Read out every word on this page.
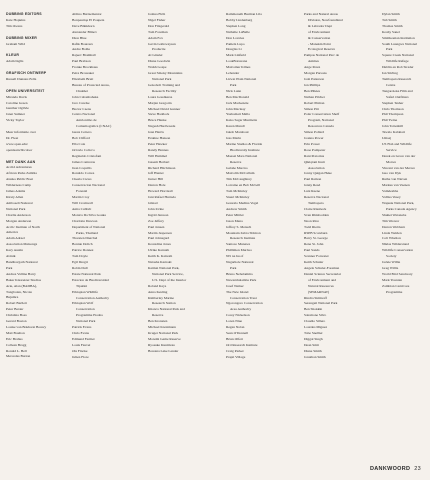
DUBBING EDITORS
Kate Hopkins
Tim Owens
DUBBING MIXER
Graham Wild
KLEUR
Adam Inglis
GRAFISCH ONTWERP
Russell Dunster-Fella
OPEN UNIVERSITEIT
Miranda Davis
Caroline Green
Gunther Ogilvie
Janet Sumner
Vicky Taylor
Meer informatie over
Dr. Fleet
www.open.edu/
openlearn/bbcdoor
MET DANK AAN
Arctid Adventures
African Parks Zambia
Alaska Public Boat
Wilderness Camp
James Adams
Kirsty Allen
Amboseli National
National Park
Charlie Anderson
Morgan Anderson
Arctic Institute of North
America
Adam Adrael
Association Maisonga
Kary Austin
Avinik
Bandhavgarh National
Park
Andrea Vallina Barry
Baker Kisaretzer Studios
Arie, Alan (BADBA),
Tongbolen, Nicole
Bujumra
Robert Bartlett
Peter Baxter
Christina Boes
Gerard Boston
Louise van Bokhorst Bouwy
Matt Boulton
Eric Brabus
Colleen Bragg
Ronald L. Bell
Mercedes Burton
Ablino Burtsemantor
Bonpeutiqe El Poupeta
Dave Blinkhorn
Alexander Blinov
Dion Blue
Rafik Bouroux
Andre Botha
Rajeev Bramhall
Paul Brabson
Fronke Brockhaus
Petra Brossaker
Elizabeth Brutt
Bureau of Protected Areas,
Chukhet
John Cabanbahaka
Jaco Carelse
Hector Caens
Centro Nacional
Antrionimo de
Comemogralica (CNAC)
Gusta Cetrero
Bob Clifford
Ella Cole
Octavio Colicco
Reginaldo Cristofani
James Contreras
Juan Coquillo
Ronaldo Correa
Cheela Crews
Conservacion Nacional
Forestal
Martin Croy
Will Cromwell
Anita Cubbrit
Monica Da Silva Gouka
Charlotte Dawson
Department of National
Parks, Thailand
Thorsten Dierchel
Bonnie Dolich
Patrice Donnez
Tom Doyle
Egil Dregri
Robin Dull
Estate National Park
Estacion de Biodiversidad
Tiputini
Ethiopian Wildlife
Conservation Authority
Ethiopian Wolf
Conservation
Programme Etosha
National Park
Patrick Evans
Chris Evans
Edmund Farmer
Louis Fauvet
Ola Fincke
Julien Fiore
Joshua Firth
Nigel Fisher
Don Fitzgerald
Tom Foreman
Adam Fox
Gavin Gallowaysan
Productie
Al Ginsler
Diane Goodwin
Walsh Gospe
Great Smoky Mountains
National Park
Gokoboli Training and
Research Facility
Laura Goudkeras
Marjan Gregorin
Michael David Gunner
Steve Haddock
Bruce Hanke
Nagesh Hardwaade
Jean Harris
Erskine Hanson
Peter Hawker
Randy Hennes
Will Hammel
Jassem Herbert
Richard Hitchinson
Jeff Hunter
Jurner Hill
Darren Hole
Howard Horrisall
Jani Rafael Hurtado
Glinad
John Irvine
Ingrid Jansson
Zoe Jeffery
Paul Jensen
Martin Jespersen
Paul Johnsgard
Kostadina Jones
Ulrike Karnath
Keith K. Kainoth
Natasha Karnaki
Katmai National Park,
National Park Service,
U.S. Dept of the Interior
Roland Kays
Anna Kesling
Kimberley Marine
Research Station
Khanca National Park and
Reserve
Ben Kronsten
Michael Kretzmann
Kruger National Park
Moremi Game Reserve
Ryosuke Kunimoto
Boreana Lake Lander
Rammoneth Burman Lila
Bobby Lindenberg
Stephen Long
Nathalie LaBelle
Don Lovelee
Pamela Lupo
Douglas Li
Mark Linfield
LookBotswana
Malcomer Kilnes
Lebender
Lirwat Plain National
Park
Nick Lunn
Ben MacDonald
Jack Mackenzie
John Macleay
Yashomati Malla
Kako Sagar Murmetta
Karen Mandl
Jakob Marabout
Jess Marin
Marine Studios & Florida
Biodiversity Institute
Maasai Mara National
Reserve
Galahe Marcno
Malcolm McCallum
Tim McCaughtrey
Lorraine en Bob McGill
Tom McKinley
Stuart McKinley
Gonzalo Medina Vogel
Andrew Smith
Peter Mittler
Jason Mena
Jeffrey S. Mensch
Mountain Zebra Sbhiron
Research Institute
Santoso Munawe
Phillimon Muriwo
Ni'i na hu of
Nagarhole National
Park
Bruno Nebelamma
Nawarnhalamba Park
Josef Nemec
The New Island
Conservation Trust
Ngorongoro Conservation
Area Authority
Corey Nickelson
Loren Niue
Regan Nolan
Sean O'Donnell
Brian Olfert
Ord Research Institute
Craig Parker
Prapti Village
Parks and Natural Areas
Division, Newfoundland
& Labrador Dept
of Environment
& Conservation
- Manakin Point
Ecological Reserve
Pampas National Parc de
Animes
Ange Perez
Morgan Parsons
Josh Patterson
Jen Phillips
Ben Pilkies
Nathan Pilcher
Robert Pitman
Simon Pitt
Polar Conservation Shelf
Program, National
Resources Canada
Simon Pollard
Joanna Power
Erin Power
Rose Pompeter
Rani Pretorius
Qikiqtani Inuit
Association
Jonny Quigan Heke
Paul Ramon
Jenny Read
Lutz Reene
Reserva Nacional
Tambopata
Claire Riesbeck
Sven Rhiabodden
Neon Rice
Todd Rietta
RSPB Scotsburn
Barry St. George
Rene St. John
Paul Sands
Scanner Forrester
Keith Schuler
Angela Schuler-Foreman
Daniel Science Secretariat
of Environment and
Natural Resources
(SEMARNAT)
Rindra Siminoff
Serengeti National Park
Ben Shokkin
Salomone Silvo
Claudio Sillero
Lourdes Miguez
Tobe Snellier
Diggal Singh
Dean Smit
Diane Smith
Jonathan Smith
Dylan Smith
Tub Smith
Thomas Smith
Koshy Sanel
Smithsonian Institution
South Luangwa National
Park
Square Creek National
Wildlife Refuge
Dublin en Rob Strader
Ian Stirling
Tambopata Research
Centre
Tangaroleka Film and
Safari Outfitters
Stephen Tesher
Chris Thomson
Phil Thompson
Phil Twine
John Tottenhill
Tswalo Kalahari
Umsaj
US Fish and Wildlife
Service
Derek en Grace van der
Morwe
Vincent van der Merwe
Guo van Dyk
Ruthe van Nieven
Markus van Veenen
Vamdeshbe
Vallisa Vesey
Wapusk National Park,
Parks Canada Agency
Shuhei Watanabe
Tim Weaver
Darren Webbern
Linda Welden
Colt Whelton
Niklas Wilderstand
Wildlife Conservation
Society
Jackie Willie
Greg Willis
World Bird Sanctuary
Mark Yountan
Zambian Carnivore
Programme
DANKWOORD 23
